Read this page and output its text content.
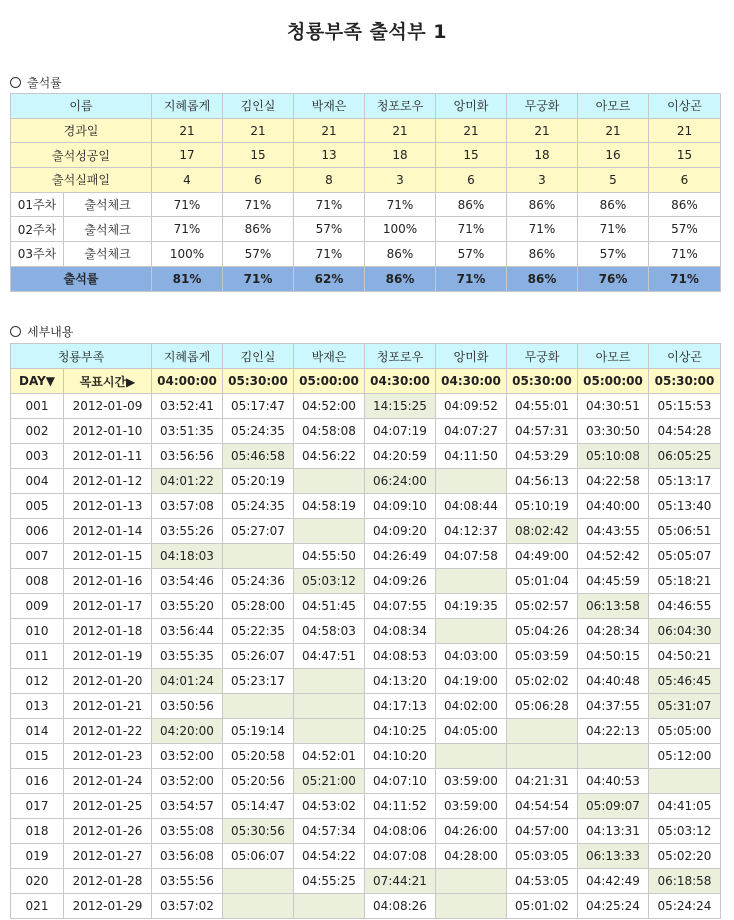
청룡부족 출석부 1
출석률
이름		지혜롭게	김인실	박재은	청포로우	앙미화	무궁화	아모르	이상곤
경과일		21	21	21	21	21	21	21	21
출석성공일		17	15	13	18	15	18	16	15
출석실패일		4	6	8	3	6	3	5	6
01주차	출석체크	71%	71%	71%	71%	86%	86%	86%	86%
02주차	출석체크	71%	86%	57%	100%	71%	71%	71%	57%
03주차	출석체크	100%	57%	71%	86%	57%	86%	57%	71%
출석률		81%	71%	62%	86%	71%	86%	76%	71%
세부내용
청룡부족		지혜롭게	김인실	박재은	청포로우	앙미화	무궁화	아모르	이상곤
DAY▼	목표시간▶	04:00:00	05:30:00	05:00:00	04:30:00	04:30:00	05:30:00	05:00:00	05:30:00
001	2012-01-09	03:52:41	05:17:47	04:52:00	14:15:25	04:09:52	04:55:01	04:30:51	05:15:53
002	2012-01-10	03:51:35	05:24:35	04:58:08	04:07:19	04:07:27	04:57:31	03:30:50	04:54:28
003	2012-01-11	03:56:56	05:46:58	04:56:22	04:20:59	04:11:50	04:53:29	05:10:08	06:05:25
004	2012-01-12	04:01:22	05:20:19		06:24:00		04:56:13	04:22:58	05:13:17
005	2012-01-13	03:57:08	05:24:35	04:58:19	04:09:10	04:08:44	05:10:19	04:40:00	05:13:40
006	2012-01-14	03:55:26	05:27:07		04:09:20	04:12:37	08:02:42	04:43:55	05:06:51
007	2012-01-15	04:18:03		04:55:50	04:26:49	04:07:58	04:49:00	04:52:42	05:05:07
008	2012-01-16	03:54:46	05:24:36	05:03:12	04:09:26		05:01:04	04:45:59	05:18:21
009	2012-01-17	03:55:20	05:28:00	04:51:45	04:07:55	04:19:35	05:02:57	06:13:58	04:46:55
010	2012-01-18	03:56:44	05:22:35	04:58:03	04:08:34		05:04:26	04:28:34	06:04:30
011	2012-01-19	03:55:35	05:26:07	04:47:51	04:08:53	04:03:00	05:03:59	04:50:15	04:50:21
012	2012-01-20	04:01:24	05:23:17		04:13:20	04:19:00	05:02:02	04:40:48	05:46:45
013	2012-01-21	03:50:56			04:17:13	04:02:00	05:06:28	04:37:55	05:31:07
014	2012-01-22	04:20:00	05:19:14		04:10:25	04:05:00		04:22:13	05:05:00
015	2012-01-23	03:52:00	05:20:58	04:52:01	04:10:20				05:12:00
016	2012-01-24	03:52:00	05:20:56	05:21:00	04:07:10	03:59:00	04:21:31	04:40:53	
017	2012-01-25	03:54:57	05:14:47	04:53:02	04:11:52	03:59:00	04:54:54	05:09:07	04:41:05
018	2012-01-26	03:55:08	05:30:56	04:57:34	04:08:06	04:26:00	04:57:00	04:13:31	05:03:12
019	2012-01-27	03:56:08	05:06:07	04:54:22	04:07:08	04:28:00	05:03:05	06:13:33	05:02:20
020	2012-01-28	03:55:56		04:55:25	07:44:21		04:53:05	04:42:49	06:18:58
021	2012-01-29	03:57:02			04:08:26		05:01:02	04:25:24	05:24:24
